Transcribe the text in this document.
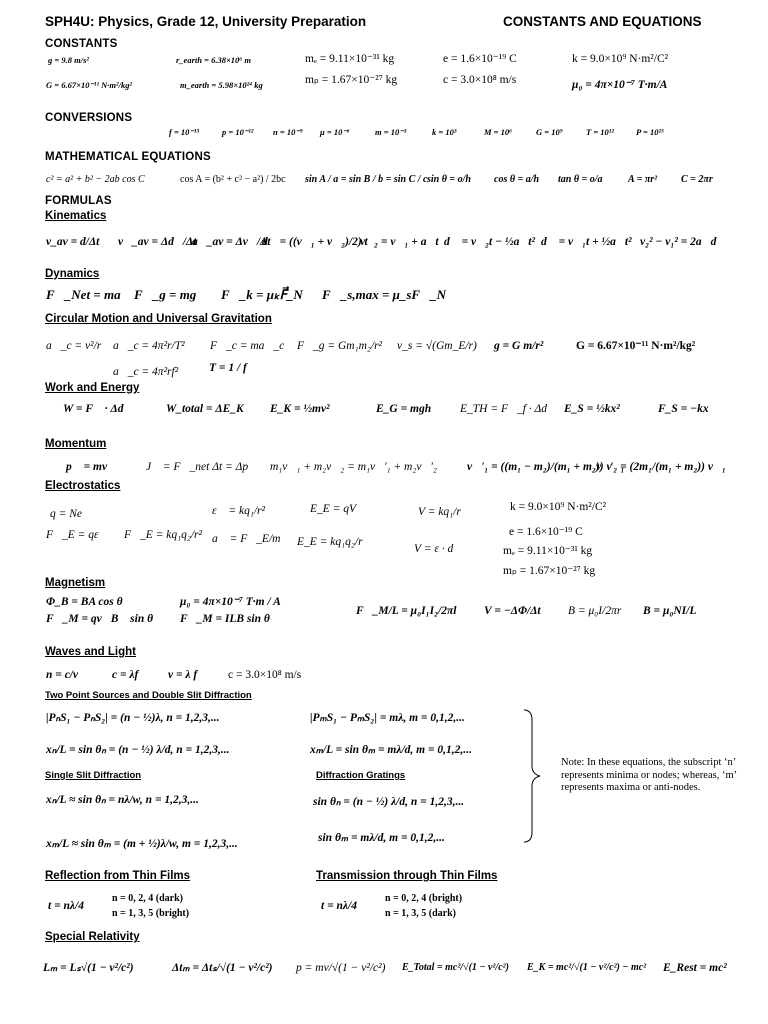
SPH4U: Physics, Grade 12, University Preparation	CONSTANTS AND EQUATIONS
CONSTANTS
g = 9.8 m/s²	r_earth = 6.38×10⁶ m	mₑ = 9.11×10⁻³¹ kg	e = 1.6×10⁻¹⁹ C	k = 9.0×10⁹ N·m²/C²
G = 6.67×10⁻¹¹ N·m²/kg²	m_earth = 5.98×10²⁴ kg	mₚ = 1.67×10⁻²⁷ kg	c = 3.0×10⁸ m/s	μ₀ = 4π×10⁻⁷ T·m/A
CONVERSIONS
f = 10⁻¹⁵	p = 10⁻¹² n = 10⁻⁹ μ = 10⁻⁶	m = 10⁻³	k = 10³	M = 10⁶	G = 10⁹	T = 10¹²	P = 10¹⁵
MATHEMATICAL EQUATIONS
c² = a² + b² − 2ab cos C	cos A = (b² + c² − a²) / 2bc sin A / a = sin B / b = sin C / c sin θ = o/h cos θ = a/h tan θ = o/a	A = πr² C = 2πr
FORMULAS
Kinematics
v_av = d/Δt v⃗_av = Δd⃗/Δt
a⃗_av = Δv⃗/Δt
d⃗ = ((v⃗₁ + v⃗₂)/2) t
v⃗₂ = v⃗₁ + a⃗t d⃗ = v⃗₂t − ½a⃗t² d⃗ = v⃗₁t + ½a⃗t² v₂² − v₁² = 2a⃗d⃗
Dynamics
F⃗_Net = ma⃗ F⃗_g = mg⃗ F⃗_k = μₖF⃗_N F⃗_s,max = μ_sF⃗_N
Circular Motion and Universal Gravitation
a⃗_c = v²/r a⃗_c = 4π²r/T²
a⃗_c = 4π²rf²
F⃗_c = ma⃗_c F⃗_g = Gm₁m₂/r² v_s = √(Gm_E/r) g = G m/r²	G = 6.67×10⁻¹¹ N·m²/kg²
T = 1 / f
Work and Energy
W = F⃗ · Δd⃗	W_total = ΔE_K E_K = ½mv²	E_G = mgh	E_TH = F⃗_f · Δd⃗ E_S = ½kx²	F_S = −kx
Momentum
p⃗ = mv⃗	J⃗ = F⃗_net Δt = Δp⃗ m₁v⃗₁ + m₂v⃗₂ = m₁v⃗'₁ + m₂v⃗'₂	v⃗'₁ = ((m₁ − m₂)/(m₁ + m₂)) v⃗₁
v⃗'₂ = (2m₁/(m₁ + m₂)) v⃗₁
Electrostatics
q = Ne
F⃗_E = qε⃗ F⃗_E = kq₁q₂/r²
ε⃗ = kq₁/r²
a⃗ = F⃗_E/m
E_E = qV
E_E = kq₁q₂/r
V = kq₁/r
V = ε · d
k = 9.0×10⁹ N·m²/C²
e = 1.6×10⁻¹⁹ C
mₑ = 9.11×10⁻³¹ kg
mₚ = 1.67×10⁻²⁷ kg
Magnetism
Φ_B = BA cos θ
F⃗_M = qv⃗B⃗ sin θ
μ₀ = 4π×10⁻⁷ T·m / A
F⃗_M = ILB sin θ
F⃗_M/L = μ₀I₁I₂/2πl V = −ΔΦ/Δt B = μ₀I/2πr B = μ₀NI/L
Waves and Light
n = c/v	c = λf	v = λ f	c = 3.0×10⁸ m/s
Two Point Sources and Double Slit Diffraction
|PₙS₁ − PₙS₂| = (n − ½)λ, n = 1,2,3,...	|PₘS₁ − PₘS₂| = mλ, m = 0,1,2,...
xₙ/L = sin θₙ = (n − ½) λ/d, n = 1,2,3,...	xₘ/L = sin θₘ = mλ/d, m = 0,1,2,...
Single Slit Diffraction
xₙ/L ≈ sin θₙ = nλ/w, n = 1,2,3,...
xₘ/L ≈ sin θₘ = (m + ½)λ/w, m = 1,2,3,...
Diffraction Gratings
sin θₙ = (n − ½) λ/d, n = 1,2,3,...
sin θₘ = mλ/d, m = 0,1,2,...
Note: In these equations, the subscript ‘n’ represents minima or nodes; whereas, ‘m’ represents maxima or anti-nodes.
Reflection from Thin Films
t = nλ/4
n = 0, 2, 4 (dark)
n = 1, 3, 5 (bright)
Transmission through Thin Films
t = nλ/4
n = 0, 2, 4 (bright)
n = 1, 3, 5 (dark)
Special Relativity
Lₘ = Lₛ√(1 − v²/c²)	Δtₘ = Δtₛ/√(1 − v²/c²) p = mv/√(1 − v²/c²) E_Total = mc²/√(1 − v²/c²) E_K = mc²/√(1 − v²/c²) − mc² E_Rest = mc²
